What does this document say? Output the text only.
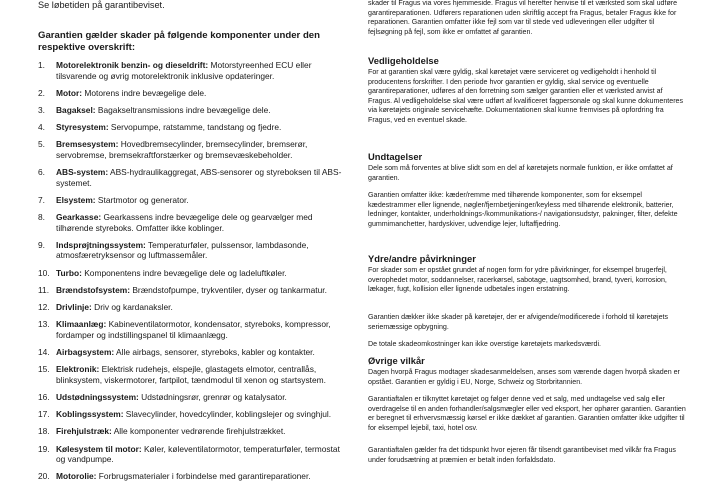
Se løbetiden på garantibeviset.
Garantien gælder skader på følgende komponenter under den respektive overskrift:
1. Motorelektronik benzin- og dieseldrift: Motorstyreenhed ECU eller tilsvarende og øvrig motorelektronik inklusive opdateringer.
2. Motor: Motorens indre bevægelige dele.
3. Bagaksel: Bagakseltransmissions indre bevægelige dele.
4. Styresystem: Servopumpe, ratstamme, tandstang og fjedre.
5. Bremsesystem: Hovedbremsecylinder, bremsecylinder, bremserør, servobremse, bremsekraftforstærker og bremsevæskebeholder.
6. ABS-system: ABS-hydraulikaggregat, ABS-sensorer og styreboksen til ABS-systemet.
7. Elsystem: Startmotor og generator.
8. Gearkasse: Gearkassens indre bevægelige dele og gearvælger med tilhørende styreboks. Omfatter ikke koblinger.
9. Indsprøjtningssystem: Temperaturføler, pulssensor, lambdasonde, atmosfæretryksensor og luftmassemåler.
10. Turbo: Komponentens indre bevægelige dele og ladeluftkøler.
11. Brændstofsystem: Brændstofpumpe, trykventiler, dyser og tankarmatur.
12. Drivlinje: Driv og kardanaksler.
13. Klimaanlæg: Kabineventilatormotor, kondensator, styreboks, kompressor, fordamper og indstillingspanel til klimaanlægg.
14. Airbagsystem: Alle airbags, sensorer, styreboks, kabler og kontakter.
15. Elektronik: Elektrisk rudehejs, elspejle, glastagets elmotor, centrallås, blinksystem, viskermotorer, fartpilot, tændmodul til xenon og startsystem.
16. Udstødningssystem: Udstødningsrør, grenrør og katalysator.
17. Koblingssystem: Slavecylinder, hovedcylinder, koblingslejer og svinghjul.
18. Firehjulstræk: Alle komponenter vedrørende firehjulstrækket.
19. Kølesystem til motor: Køler, køleventilatormotor, temperaturføler, termostat og vandpumpe.
20. Motorolie: Forbrugsmaterialer i forbindelse med garantireparationer.
skader til Fragus via vores hjemmeside. Fragus vil herefter henvise til et værksted som skal udføre garantireparationen. Udførers reparationen uden skriftlig accept fra Fragus, betaler Fragus ikke for reparationen. Garantien omfatter ikke fejl som var til stede ved udleveringen eller udgifter til fejlsøgning på fejl, som ikke er omfattet af garantien.
Vedligeholdelse
For at garantien skal være gyldig, skal køretøjet være serviceret og vedligeholdt i henhold til producentens forskrifter. I den periode hvor garantien er gyldig, skal service og eventuelle garantireparationer, udføres af den forretning som sælger garantien eller et værksted anvist af Fragus. Al vedligeholdelse skal være udført af kvalificeret fagpersonale og skal kunne dokumenteres via køretøjets originale servicehæfte. Dokumentationen skal kunne fremvises på opfordring fra Fragus, ved en eventuel skade.
Undtagelser
Dele som må forventes at blive slidt som en del af køretøjets normale funktion, er ikke omfattet af garantien.
Garantien omfatter ikke: kæder/remme med tilhørende komponenter, som for eksempel kædestrammer eller lignende, nøgler/fjernbetjeninger/keyless med tilhørende elektronik, batterier, ledninger, kontakter, underholdnings-/kommunikations-/ navigationsudstyr, pakninger, filter, defekte gummimanchetter, hardyskiver, udvendige lejer, luftaffjedring.
Ydre/andre påvirkninger
For skader som er opstået grundet af nogen form for ydre påvirkninger, for eksempel brugerfejl, overophedet motor, soddannelser, racerkørsel, sabotage, uagtsomhed, brand, tyveri, korrosion, lækager, fugt, kollision eller lignende udbetales ingen erstatning.
Garantien dækker ikke skader på køretøjer, der er afvigende/modificerede i forhold til køretøjets seriemæssige opbygning.
De totale skadeomkostninger kan ikke overstige køretøjets markedsværdi.
Øvrige vilkår
Dagen hvorpå Fragus modtager skadesanmeldelsen, anses som værende dagen hvorpå skaden er opstået. Garantien er gyldig i EU, Norge, Schweiz og Storbritannien.
Garantiaftalen er tilknyttet køretøjet og følger denne ved et salg, med undtagelse ved salg eller overdragelse til en anden forhandler/salgsmægler eller ved eksport, her ophører garantien. Garantien er beregnet til erhvervsmæssig kørsel er ikke dækket af garantien. Garantien omfatter ikke udgifter til for eksempel lejebil, taxi, hotel osv.
Garantiaftalen gælder fra det tidspunkt hvor ejeren får tilsendt garantibeviset med vilkår fra Fragus under forudsætning at præmien er betalt inden forfaldsdato.
